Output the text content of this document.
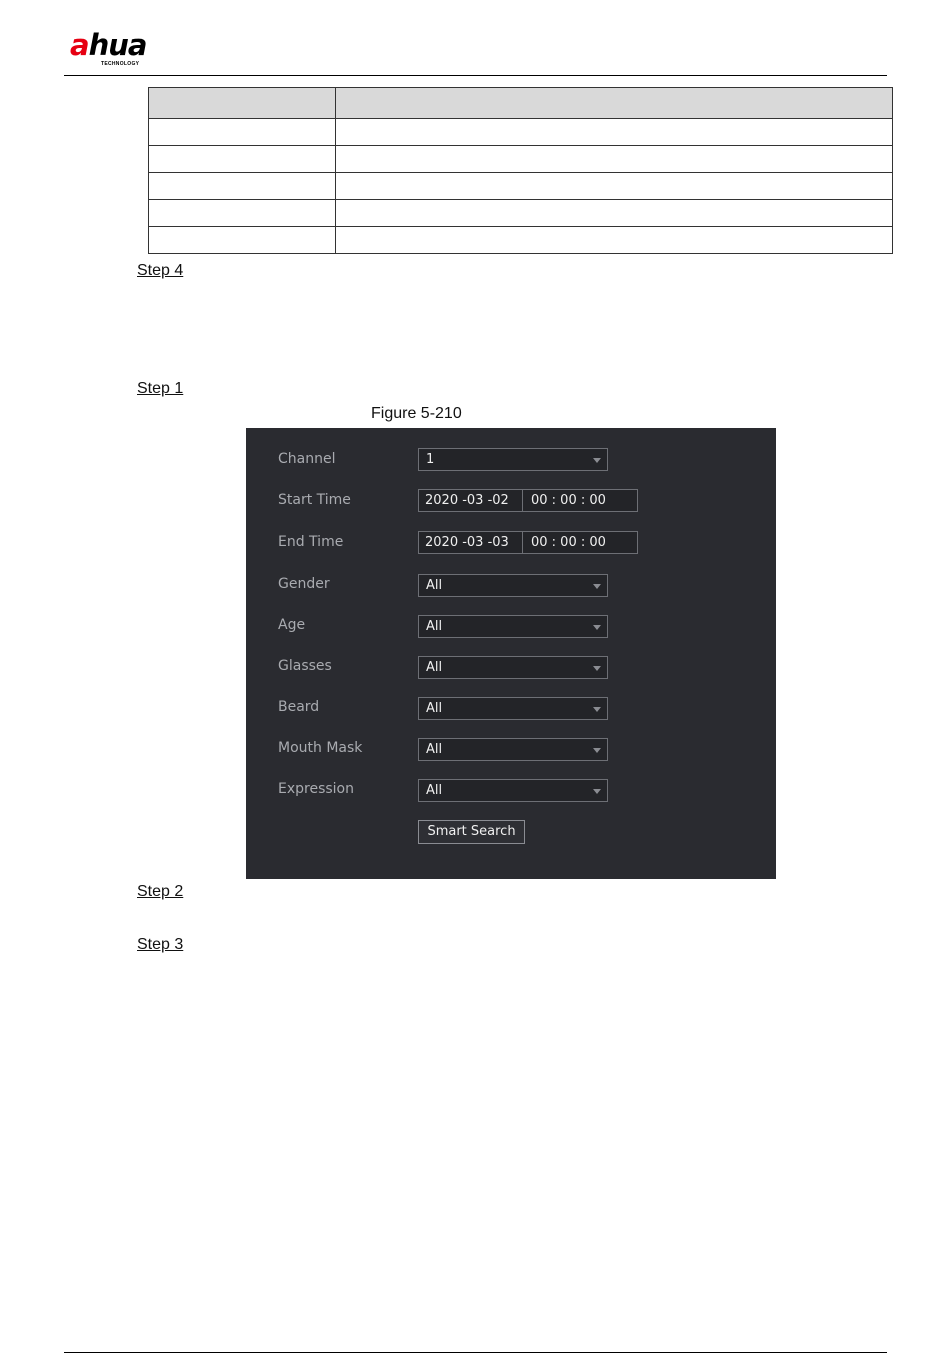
ahua
TECHNOLOGY

Step 4
Step 1
Figure 5-210
Channel	1
Start Time	2020 -03 -02 00 : 00 : 00
End Time	2020 -03 -03 00 : 00 : 00
Gender	All
Age	All
Glasses	All
Beard	All
Mouth Mask	All
Expression	All
Smart Search
Step 2
Step 3
